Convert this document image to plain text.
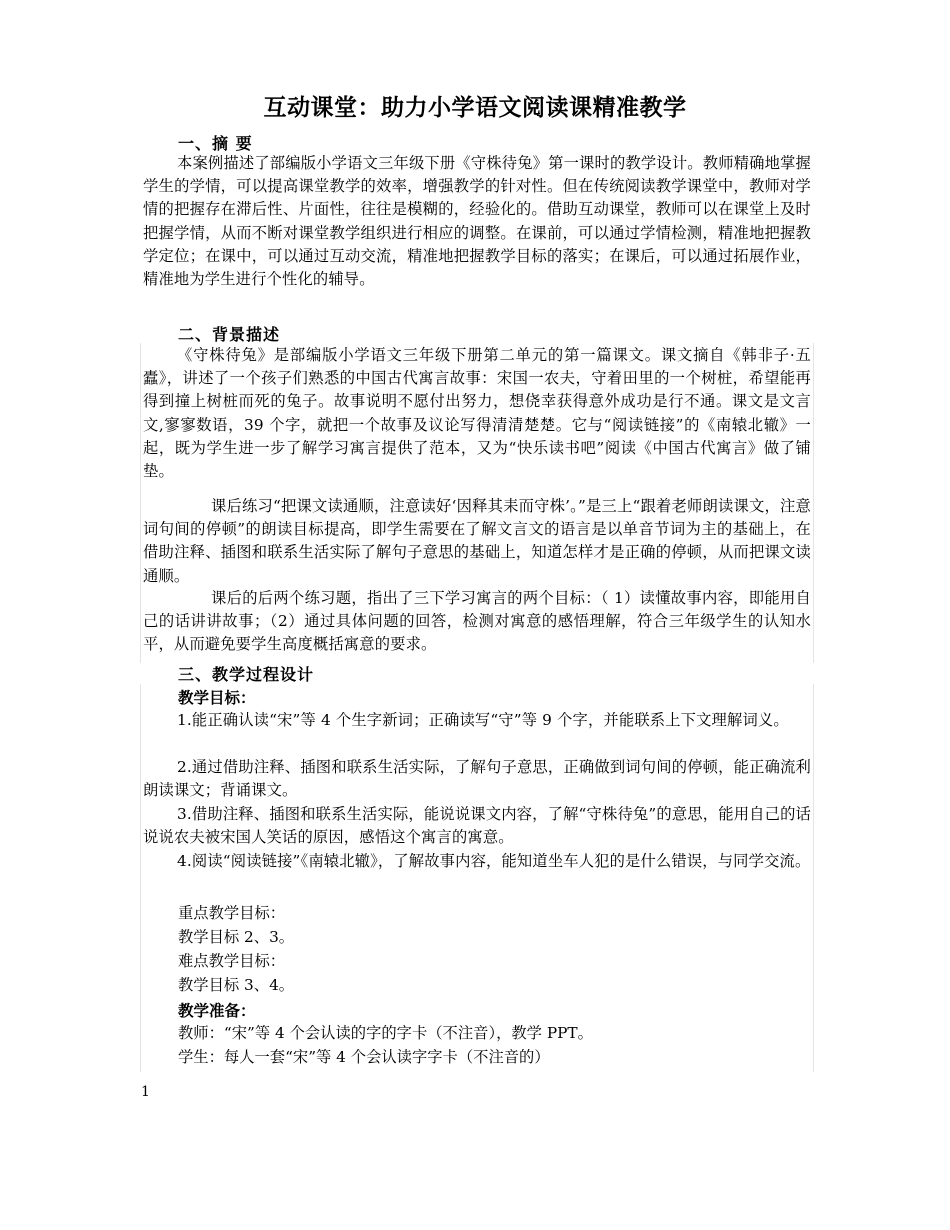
互动课堂：助力小学语文阅读课精准教学
一、摘 要

本案例描述了部编版小学语文三年级下册《守株待兔》第一课时的教学设计。教师精确地掌握学生的学情，可以提高课堂教学的效率，增强教学的针对性。但在传统阅读教学课堂中，教师对学情的把握存在滞后性、片面性，往往是模糊的，经验化的。借助互动课堂，教师可以在课堂上及时把握学情，从而不断对课堂教学组织进行相应的调整。在课前，可以通过学情检测，精准地把握教学定位；在课中，可以通过互动交流，精准地把握教学目标的落实；在课后，可以通过拓展作业，精准地为学生进行个性化的辅导。

二、背景描述

《守株待兔》是部编版小学语文三年级下册第二单元的第一篇课文。课文摘自《韩非子·五蠹》，讲述了一个孩子们熟悉的中国古代寓言故事：宋国一农夫，守着田里的一个树桩，希望能再得到撞上树桩而死的兔子。故事说明不愿付出努力，想侥幸获得意外成功是行不通。课文是文言文,寥寥数语，39 个字，就把一个故事及议论写得清清楚楚。它与“阅读链接”的《南辕北辙》一起，既为学生进一步了解学习寓言提供了范本，又为“快乐读书吧”阅读《中国古代寓言》做了铺垫。

课后练习“把课文读通顺，注意读好‘因释其耒而守株’。”是三上“跟着老师朗读课文，注意词句间的停顿”的朗读目标提高，即学生需要在了解文言文的语言是以单音节词为主的基础上，在借助注释、插图和联系生活实际了解句子意思的基础上，知道怎样才是正确的停顿，从而把课文读通顺。

课后的后两个练习题，指出了三下学习寓言的两个目标：（ 1）读懂故事内容，即能用自己的话讲讲故事；（2）通过具体问题的回答，检测对寓意的感悟理解，符合三年级学生的认知水平，从而避免要学生高度概括寓意的要求。

三、教学过程设计
教学目标：

1.能正确认读“宋”等 4 个生字新词；正确读写“守”等 9 个字，并能联系上下文理解词义。

2.通过借助注释、插图和联系生活实际，了解句子意思，正确做到词句间的停顿，能正确流利朗读课文；背诵课文。

3.借助注释、插图和联系生活实际，能说说课文内容，了解“守株待兔”的意思，能用自己的话说说农夫被宋国人笑话的原因，感悟这个寓言的寓意。

4.阅读“阅读链接”《南辕北辙》，了解故事内容，能知道坐车人犯的是什么错误，与同学交流。

重点教学目标：
教学目标 2、3。
难点教学目标：
教学目标 3、4。
教学准备：
教师：“宋”等 4 个会认读的字的字卡（不注音），教学 PPT。
学生：每人一套“宋”等 4 个会认读字字卡（不注音的）
1
